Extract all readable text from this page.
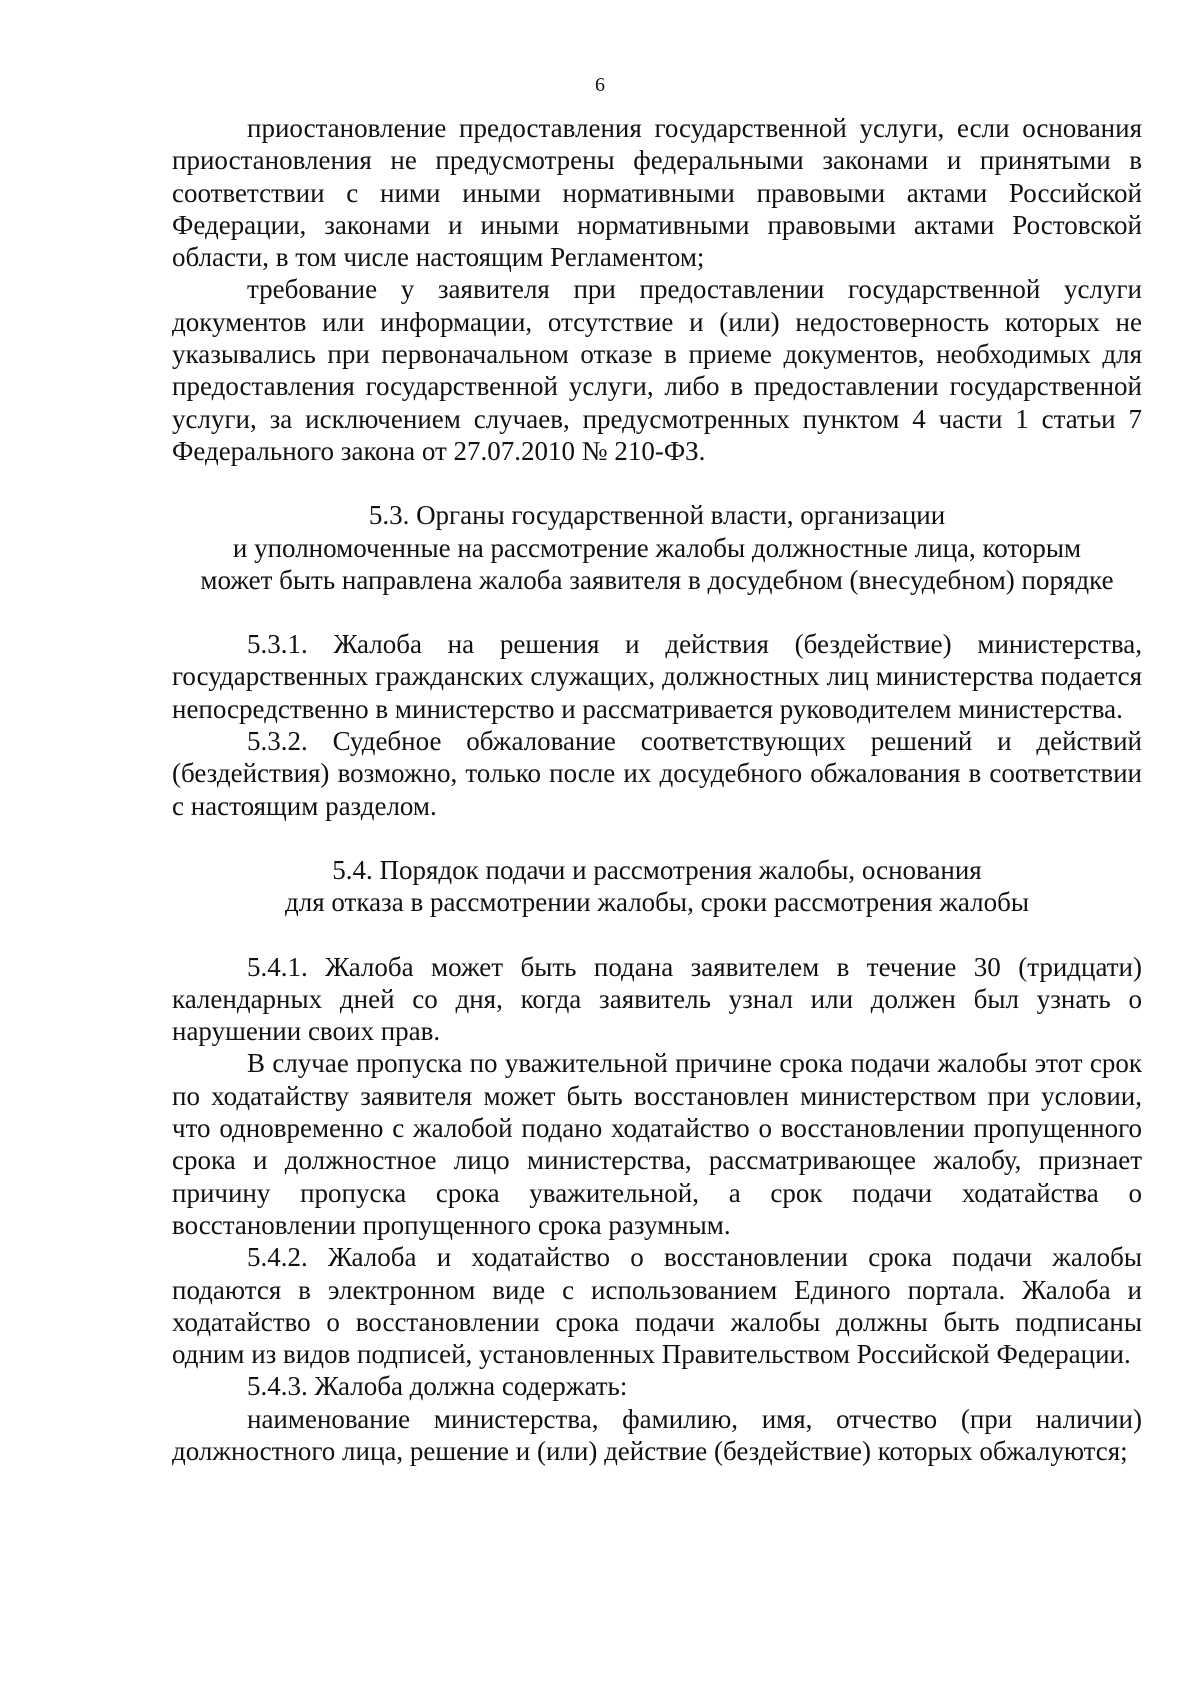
6

приостановление предоставления государственной услуги, если основания приостановления не предусмотрены федеральными законами и принятыми в соответствии с ними иными нормативными правовыми актами Российской Федерации, законами и иными нормативными правовыми актами Ростовской области, в том числе настоящим Регламентом;

требование у заявителя при предоставлении государственной услуги документов или информации, отсутствие и (или) недостоверность которых не указывались при первоначальном отказе в приеме документов, необходимых для предоставления государственной услуги, либо в предоставлении государственной услуги, за исключением случаев, предусмотренных пунктом 4 части 1 статьи 7 Федерального закона от 27.07.2010 № 210-ФЗ.

5.3. Органы государственной власти, организации
и уполномоченные на рассмотрение жалобы должностные лица, которым
может быть направлена жалоба заявителя в досудебном (внесудебном) порядке

5.3.1. Жалоба на решения и действия (бездействие) министерства, государственных гражданских служащих, должностных лиц министерства подается непосредственно в министерство и рассматривается руководителем министерства.

5.3.2. Судебное обжалование соответствующих решений и действий (бездействия) возможно, только после их досудебного обжалования в соответствии с настоящим разделом.

5.4. Порядок подачи и рассмотрения жалобы, основания
для отказа в рассмотрении жалобы, сроки рассмотрения жалобы

5.4.1. Жалоба может быть подана заявителем в течение 30 (тридцати) календарных дней со дня, когда заявитель узнал или должен был узнать о нарушении своих прав.

В случае пропуска по уважительной причине срока подачи жалобы этот срок по ходатайству заявителя может быть восстановлен министерством при условии, что одновременно с жалобой подано ходатайство о восстановлении пропущенного срока и должностное лицо министерства, рассматривающее жалобу, признает причину пропуска срока уважительной, а срок подачи ходатайства о восстановлении пропущенного срока разумным.

5.4.2. Жалоба и ходатайство о восстановлении срока подачи жалобы подаются в электронном виде с использованием Единого портала. Жалоба и ходатайство о восстановлении срока подачи жалобы должны быть подписаны одним из видов подписей, установленных Правительством Российской Федерации.

5.4.3. Жалоба должна содержать:

наименование министерства, фамилию, имя, отчество (при наличии) должностного лица, решение и (или) действие (бездействие) которых обжалуются;
